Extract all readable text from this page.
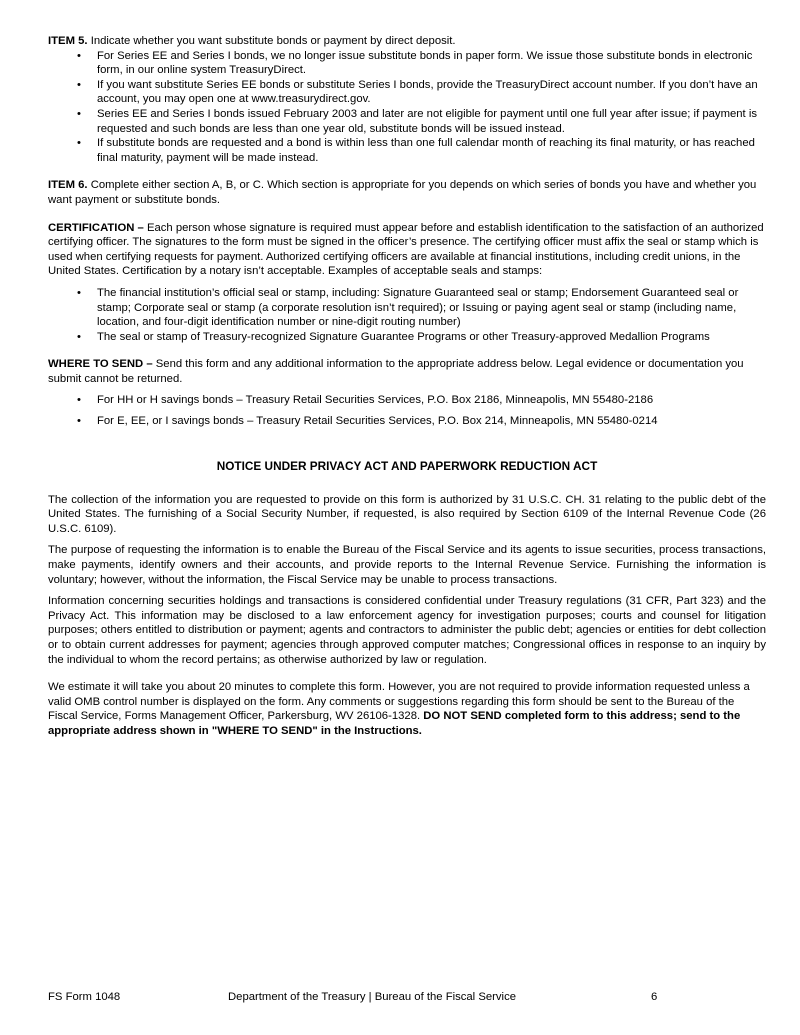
ITEM 5. Indicate whether you want substitute bonds or payment by direct deposit.

• For Series EE and Series I bonds, we no longer issue substitute bonds in paper form. We issue those substitute bonds in electronic form, in our online system TreasuryDirect.
• If you want substitute Series EE bonds or substitute Series I bonds, provide the TreasuryDirect account number. If you don’t have an account, you may open one at www.treasurydirect.gov.
• Series EE and Series I bonds issued February 2003 and later are not eligible for payment until one full year after issue; if payment is requested and such bonds are less than one year old, substitute bonds will be issued instead.
• If substitute bonds are requested and a bond is within less than one full calendar month of reaching its final maturity, or has reached final maturity, payment will be made instead.

ITEM 6. Complete either section A, B, or C. Which section is appropriate for you depends on which series of bonds you have and whether you want payment or substitute bonds.

CERTIFICATION – Each person whose signature is required must appear before and establish identification to the satisfaction of an authorized certifying officer. The signatures to the form must be signed in the officer’s presence. The certifying officer must affix the seal or stamp which is used when certifying requests for payment. Authorized certifying officers are available at financial institutions, including credit unions, in the United States. Certification by a notary isn’t acceptable. Examples of acceptable seals and stamps:

• The financial institution’s official seal or stamp, including: Signature Guaranteed seal or stamp; Endorsement Guaranteed seal or stamp; Corporate seal or stamp (a corporate resolution isn’t required); or Issuing or paying agent seal or stamp (including name, location, and four-digit identification number or nine-digit routing number)
• The seal or stamp of Treasury-recognized Signature Guarantee Programs or other Treasury-approved Medallion Programs

WHERE TO SEND – Send this form and any additional information to the appropriate address below. Legal evidence or documentation you submit cannot be returned.

• For HH or H savings bonds – Treasury Retail Securities Services, P.O. Box 2186, Minneapolis, MN 55480-2186
• For E, EE, or I savings bonds – Treasury Retail Securities Services, P.O. Box 214, Minneapolis, MN 55480-0214

NOTICE UNDER PRIVACY ACT AND PAPERWORK REDUCTION ACT

The collection of the information you are requested to provide on this form is authorized by 31 U.S.C. CH. 31 relating to the public debt of the United States. The furnishing of a Social Security Number, if requested, is also required by Section 6109 of the Internal Revenue Code (26 U.S.C. 6109).

The purpose of requesting the information is to enable the Bureau of the Fiscal Service and its agents to issue securities, process transactions, make payments, identify owners and their accounts, and provide reports to the Internal Revenue Service. Furnishing the information is voluntary; however, without the information, the Fiscal Service may be unable to process transactions.

Information concerning securities holdings and transactions is considered confidential under Treasury regulations (31 CFR, Part 323) and the Privacy Act. This information may be disclosed to a law enforcement agency for investigation purposes; courts and counsel for litigation purposes; others entitled to distribution or payment; agents and contractors to administer the public debt; agencies or entities for debt collection or to obtain current addresses for payment; agencies through approved computer matches; Congressional offices in response to an inquiry by the individual to whom the record pertains; as otherwise authorized by law or regulation.

We estimate it will take you about 20 minutes to complete this form. However, you are not required to provide information requested unless a valid OMB control number is displayed on the form. Any comments or suggestions regarding this form should be sent to the Bureau of the Fiscal Service, Forms Management Officer, Parkersburg, WV 26106-1328. DO NOT SEND completed form to this address; send to the appropriate address shown in "WHERE TO SEND" in the Instructions.

FS Form 1048	Department of the Treasury | Bureau of the Fiscal Service	6
